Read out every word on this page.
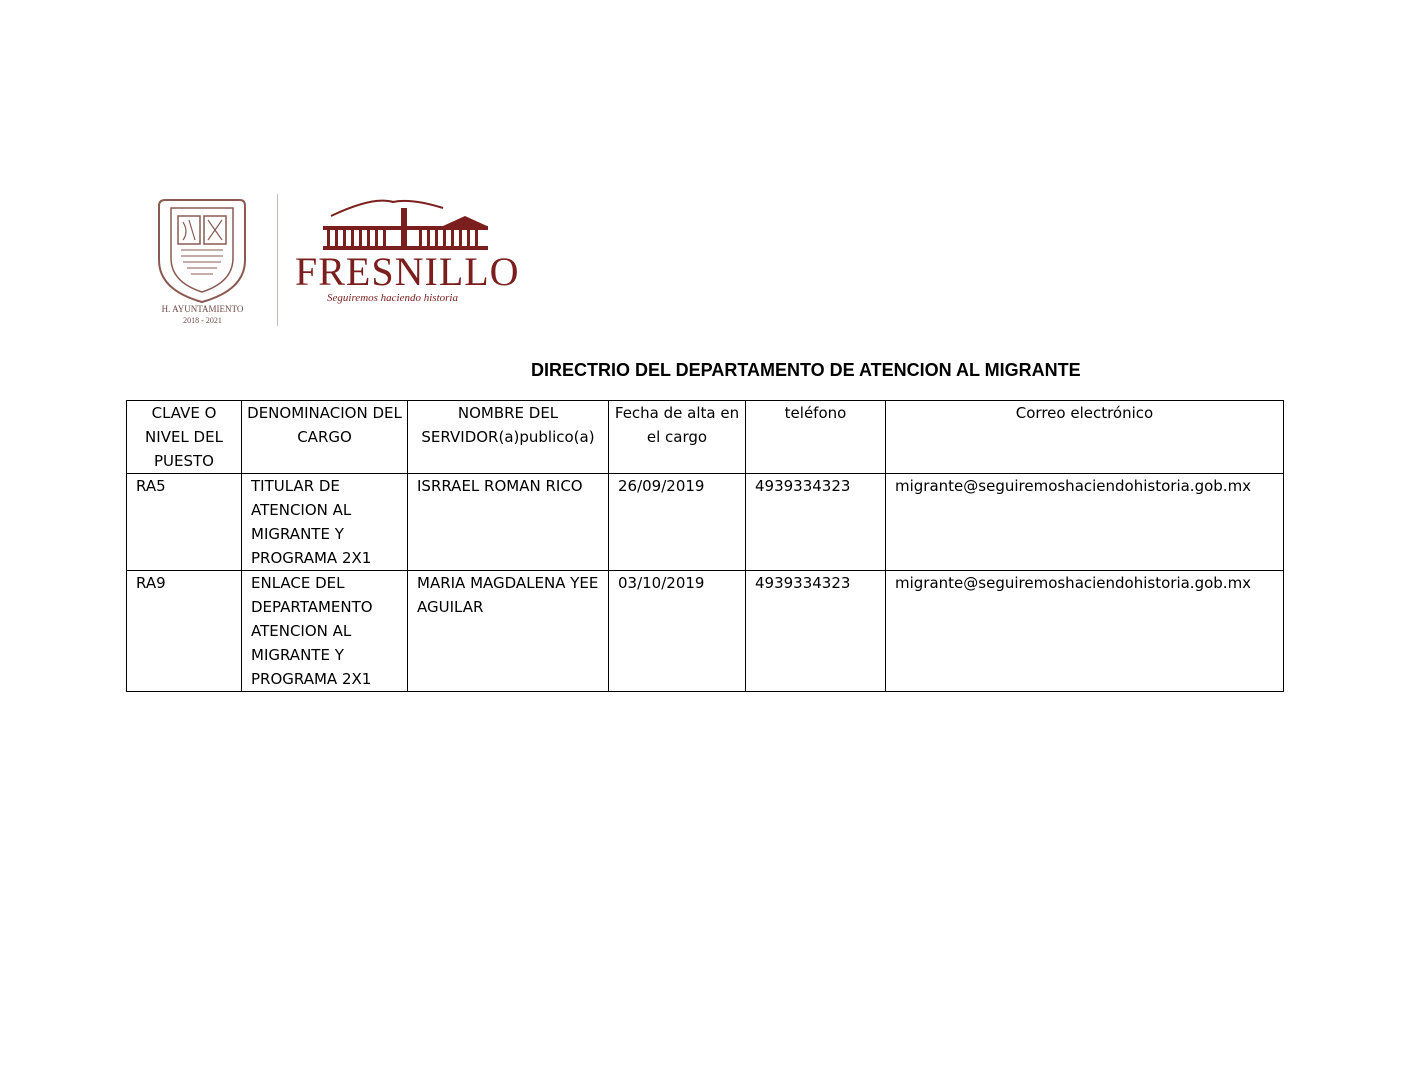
H. AYUNTAMIENTO
2018 - 2021
FRESNILLO
Seguiremos haciendo historia
DIRECTRIO DEL DEPARTAMENTO DE ATENCION AL MIGRANTE
CLAVE O NIVEL DEL PUESTO	DENOMINACION DEL CARGO	NOMBRE DEL SERVIDOR(a)publico(a)	Fecha de alta en el cargo	teléfono	Correo electrónico
RA5	TITULAR DE ATENCION AL MIGRANTE Y PROGRAMA 2X1	ISRRAEL ROMAN RICO	26/09/2019	4939334323	migrante@seguiremoshaciendohistoria.gob.mx
RA9	ENLACE DEL DEPARTAMENTO ATENCION AL MIGRANTE Y PROGRAMA 2X1	MARIA MAGDALENA YEE AGUILAR	03/10/2019	4939334323	migrante@seguiremoshaciendohistoria.gob.mx
